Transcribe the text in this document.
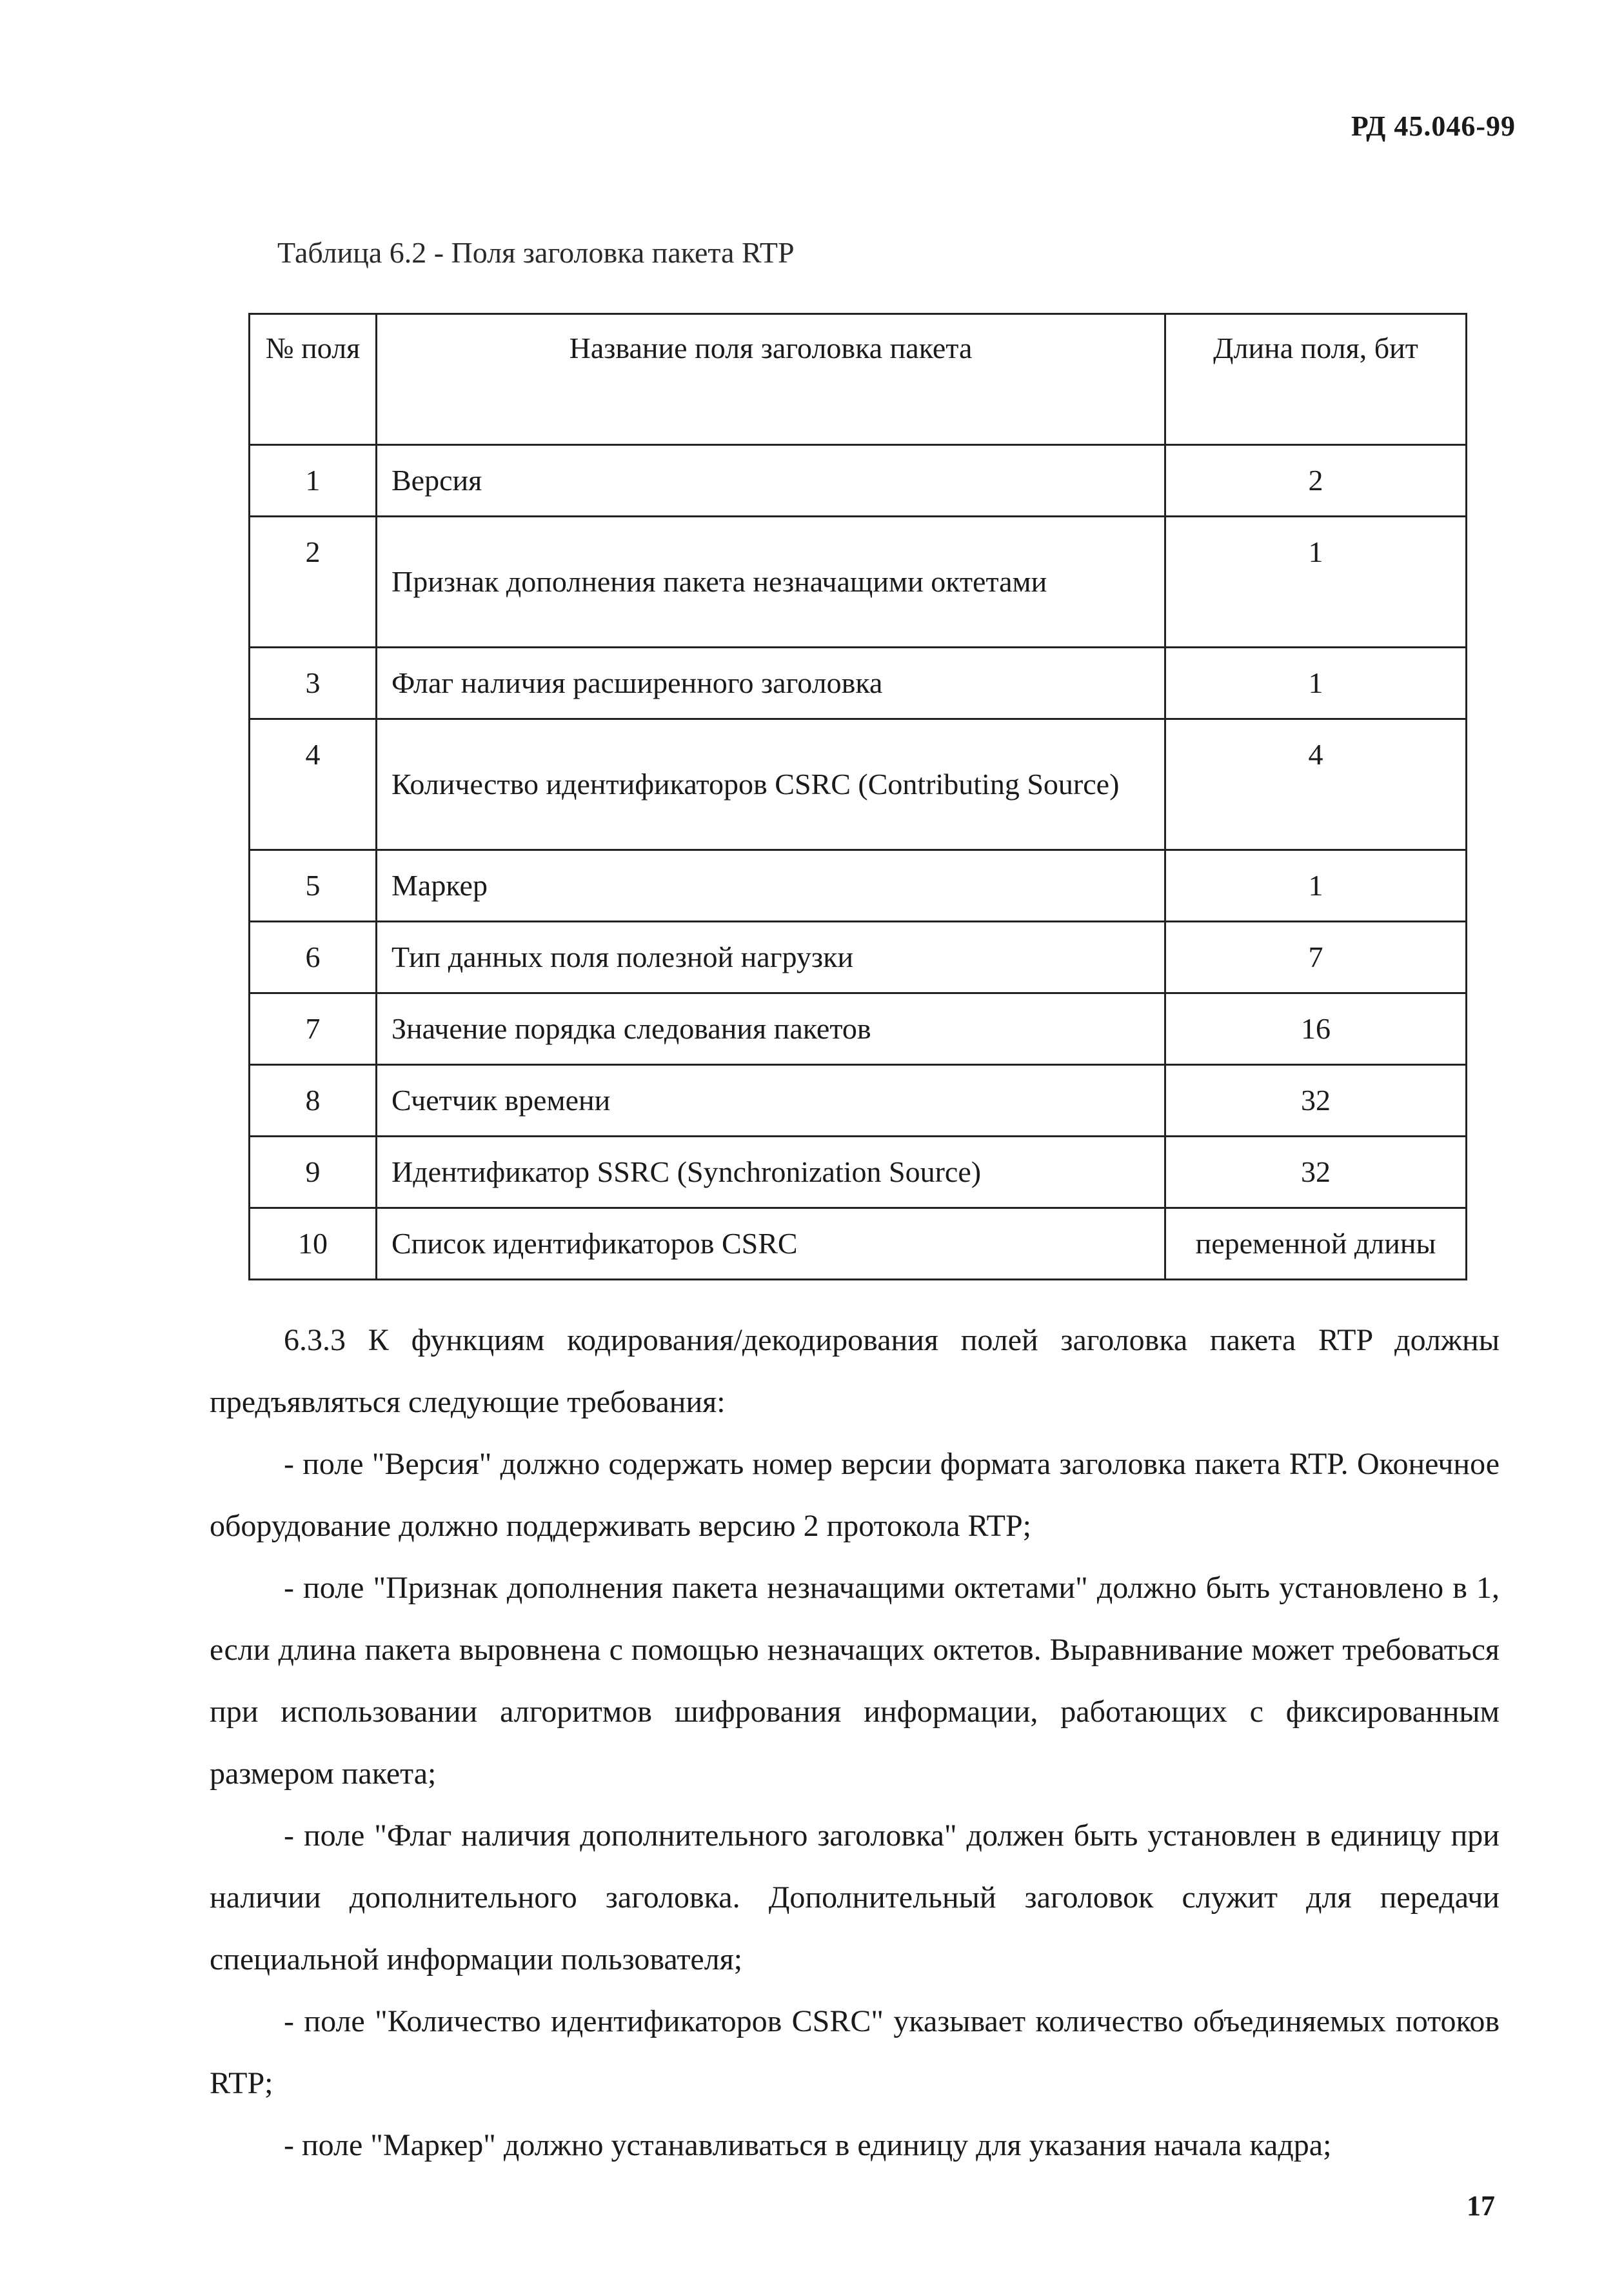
РД 45.046-99
Таблица 6.2 - Поля заголовка пакета RTP
№ поля	Название поля заголовка пакета	Длина поля, бит
1	Версия	2
2	Признак дополнения пакета незначащими октетами	1
3	Флаг наличия расширенного заголовка	1
4	Количество идентификаторов CSRC (Contributing Source)	4
5	Маркер	1
6	Тип данных поля полезной нагрузки	7
7	Значение порядка следования пакетов	16
8	Счетчик времени	32
9	Идентификатор SSRC (Synchronization Source)	32
10	Список идентификаторов CSRC	переменной длины

6.3.3 К функциям кодирования/декодирования полей заголовка пакета RTP должны предъявляться следующие требования:

- поле "Версия" должно содержать номер версии формата заголовка пакета RTP. Оконечное оборудование должно поддерживать версию 2 протокола RTP;

- поле "Признак дополнения пакета незначащими октетами" должно быть установлено в 1, если длина пакета выровнена с помощью незначащих октетов. Выравнивание может требоваться при использовании алгоритмов шифрования информации, работающих с фиксированным размером пакета;

- поле "Флаг наличия дополнительного заголовка" должен быть установлен в единицу при наличии дополнительного заголовка. Дополнительный заголовок служит для передачи специальной информации пользователя;

- поле "Количество идентификаторов CSRC" указывает количество объединяемых потоков RTP;

- поле "Маркер" должно устанавливаться в единицу для указания начала кадра;

17
